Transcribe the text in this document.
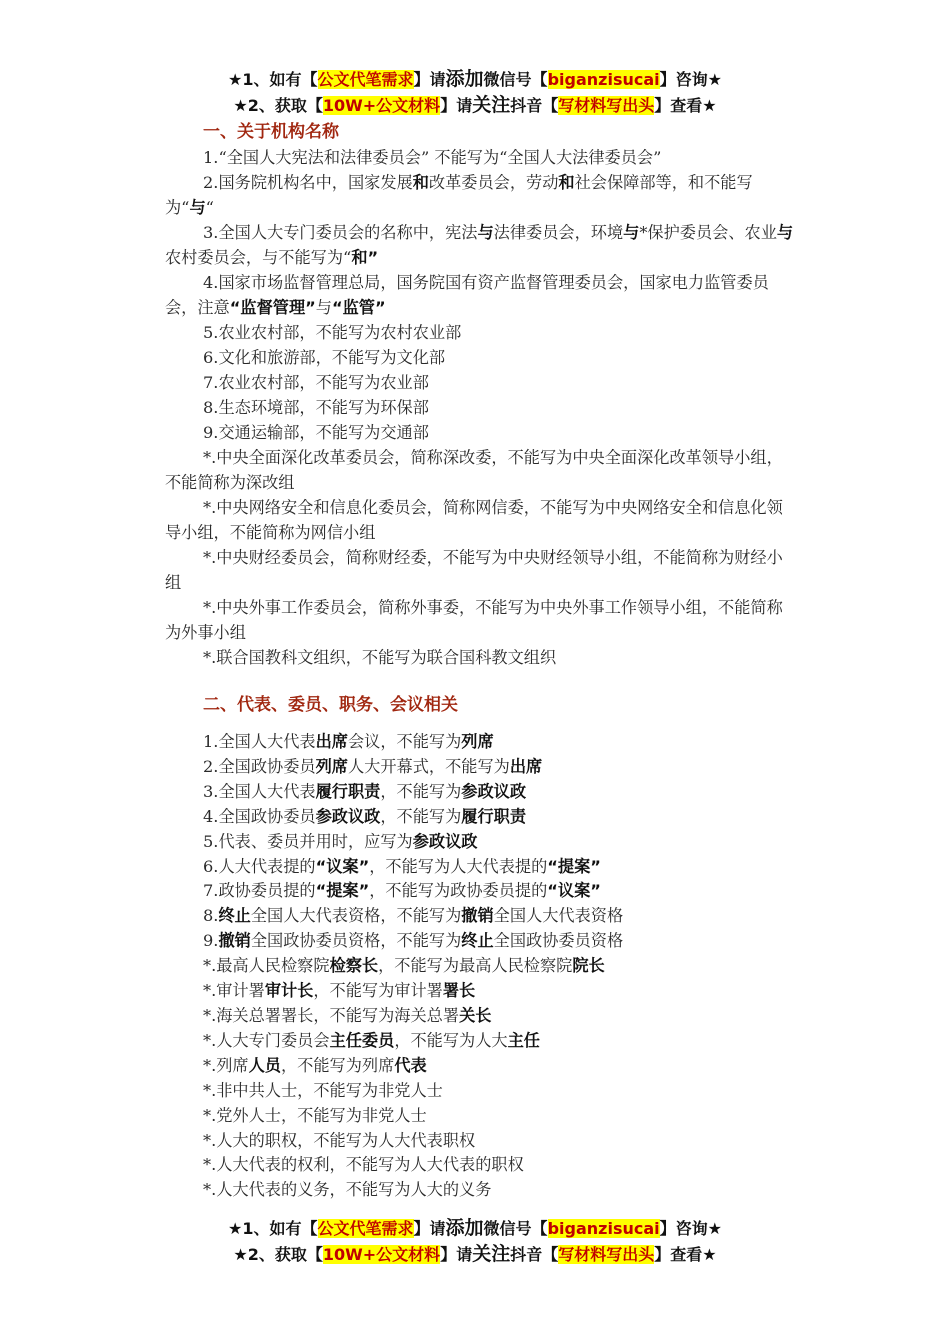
★1、如有【公文代笔需求】请添加微信号【biganzisucai】咨询★
★2、获取【10W+公文材料】请关注抖音【写材料写出头】查看★
一、关于机构名称

1.“全国人大宪法和法律委员会” 不能写为“全国人大法律委员会”

2.国务院机构名中，国家发展和改革委员会，劳动和社会保障部等，和不能写为“与“

3.全国人大专门委员会的名称中，宪法与法律委员会，环境与*保护委员会、农业与农村委员会，与不能写为“和”

4.国家市场监督管理总局，国务院国有资产监督管理委员会，国家电力监管委员会，注意“监督管理”与“监管”

5.农业农村部，不能写为农村农业部

6.文化和旅游部，不能写为文化部

7.农业农村部，不能写为农业部

8.生态环境部，不能写为环保部

9.交通运输部，不能写为交通部

*.中央全面深化改革委员会，简称深改委，不能写为中央全面深化改革领导小组，不能简称为深改组

*.中央网络安全和信息化委员会，简称网信委，不能写为中央网络安全和信息化领导小组，不能简称为网信小组

*.中央财经委员会，简称财经委，不能写为中央财经领导小组，不能简称为财经小组

*.中央外事工作委员会，简称外事委，不能写为中央外事工作领导小组，不能简称为外事小组

*.联合国教科文组织，不能写为联合国科教文组织

二、代表、委员、职务、会议相关

1.全国人大代表出席会议，不能写为列席

2.全国政协委员列席人大开幕式，不能写为出席

3.全国人大代表履行职责，不能写为参政议政

4.全国政协委员参政议政，不能写为履行职责

5.代表、委员并用时，应写为参政议政

6.人大代表提的“议案”，不能写为人大代表提的“提案”

7.政协委员提的“提案”，不能写为政协委员提的“议案”

8.终止全国人大代表资格，不能写为撤销全国人大代表资格

9.撤销全国政协委员资格，不能写为终止全国政协委员资格

*.最高人民检察院检察长，不能写为最高人民检察院院长

*.审计署审计长，不能写为审计署署长

*.海关总署署长，不能写为海关总署关长

*.人大专门委员会主任委员，不能写为人大主任

*.列席人员，不能写为列席代表

*.非中共人士，不能写为非党人士

*.党外人士，不能写为非党人士

*.人大的职权，不能写为人大代表职权

*.人大代表的权利，不能写为人大代表的职权

*.人大代表的义务，不能写为人大的义务

★1、如有【公文代笔需求】请添加微信号【biganzisucai】咨询★
★2、获取【10W+公文材料】请关注抖音【写材料写出头】查看★
